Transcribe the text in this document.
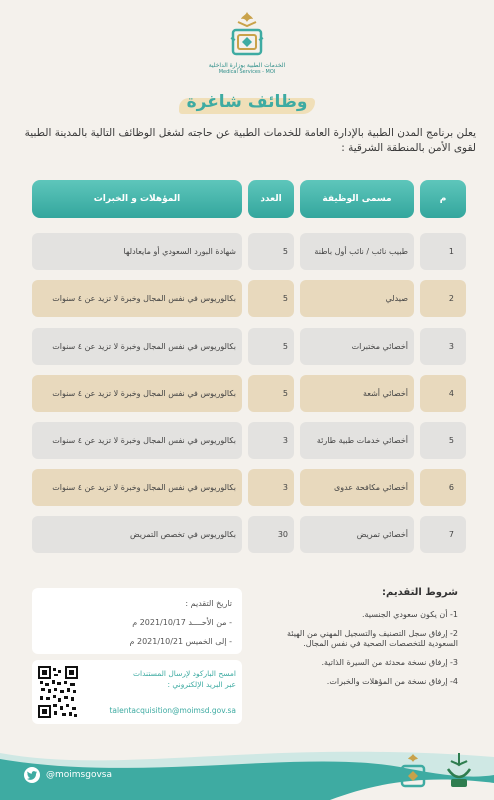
الخدمات الطبية بوزارة الداخلية
Medical Services - MOI
وظائف شاغرة
يعلن برنامج المدن الطبية بالإدارة العامة للخدمات الطبية عن حاجته لشغل الوظائف التالية بالمدينة الطبية لقوى الأمن بالمنطقة الشرقية :
م
مسمى الوظيفة
العدد
المؤهلات و الخبرات
1
طبيب نائب / نائب أول باطنة
5
شهادة البورد السعودي أو مايعادلها
2
صيدلي
5
بكالوريوس في نفس المجال وخبرة لا تزيد عن ٤ سنوات
3
أخصائي مختبرات
5
بكالوريوس في نفس المجال وخبرة لا تزيد عن ٤ سنوات
4
أخصائي أشعة
5
بكالوريوس في نفس المجال وخبرة لا تزيد عن ٤ سنوات
5
أخصائي خدمات طبية طارئة
3
بكالوريوس في نفس المجال وخبرة لا تزيد عن ٤ سنوات
6
أخصائي مكافحة عدوى
3
بكالوريوس في نفس المجال وخبرة لا تزيد عن ٤ سنوات
7
أخصائي تمريض
30
بكالوريوس في تخصص التمريض
تاريخ التقديم :
- من الأحــــد 2021/10/17 م
- إلى الخميس 2021/10/21 م
امسح الباركود لإرسال المستندات
عبر البريد الإلكتروني :
talentacquisition@moimsd.gov.sa
شروط التقديم:
1- أن يكون سعودي الجنسية.
2- إرفاق سجل التصنيف والتسجيل المهني من الهيئة السعودية للتخصصات الصحية في نفس المجال.
3- إرفاق نسخة محدثة من السيرة الذاتية.
4- إرفاق نسخة من المؤهلات والخبرات.
@moimsgovsa
